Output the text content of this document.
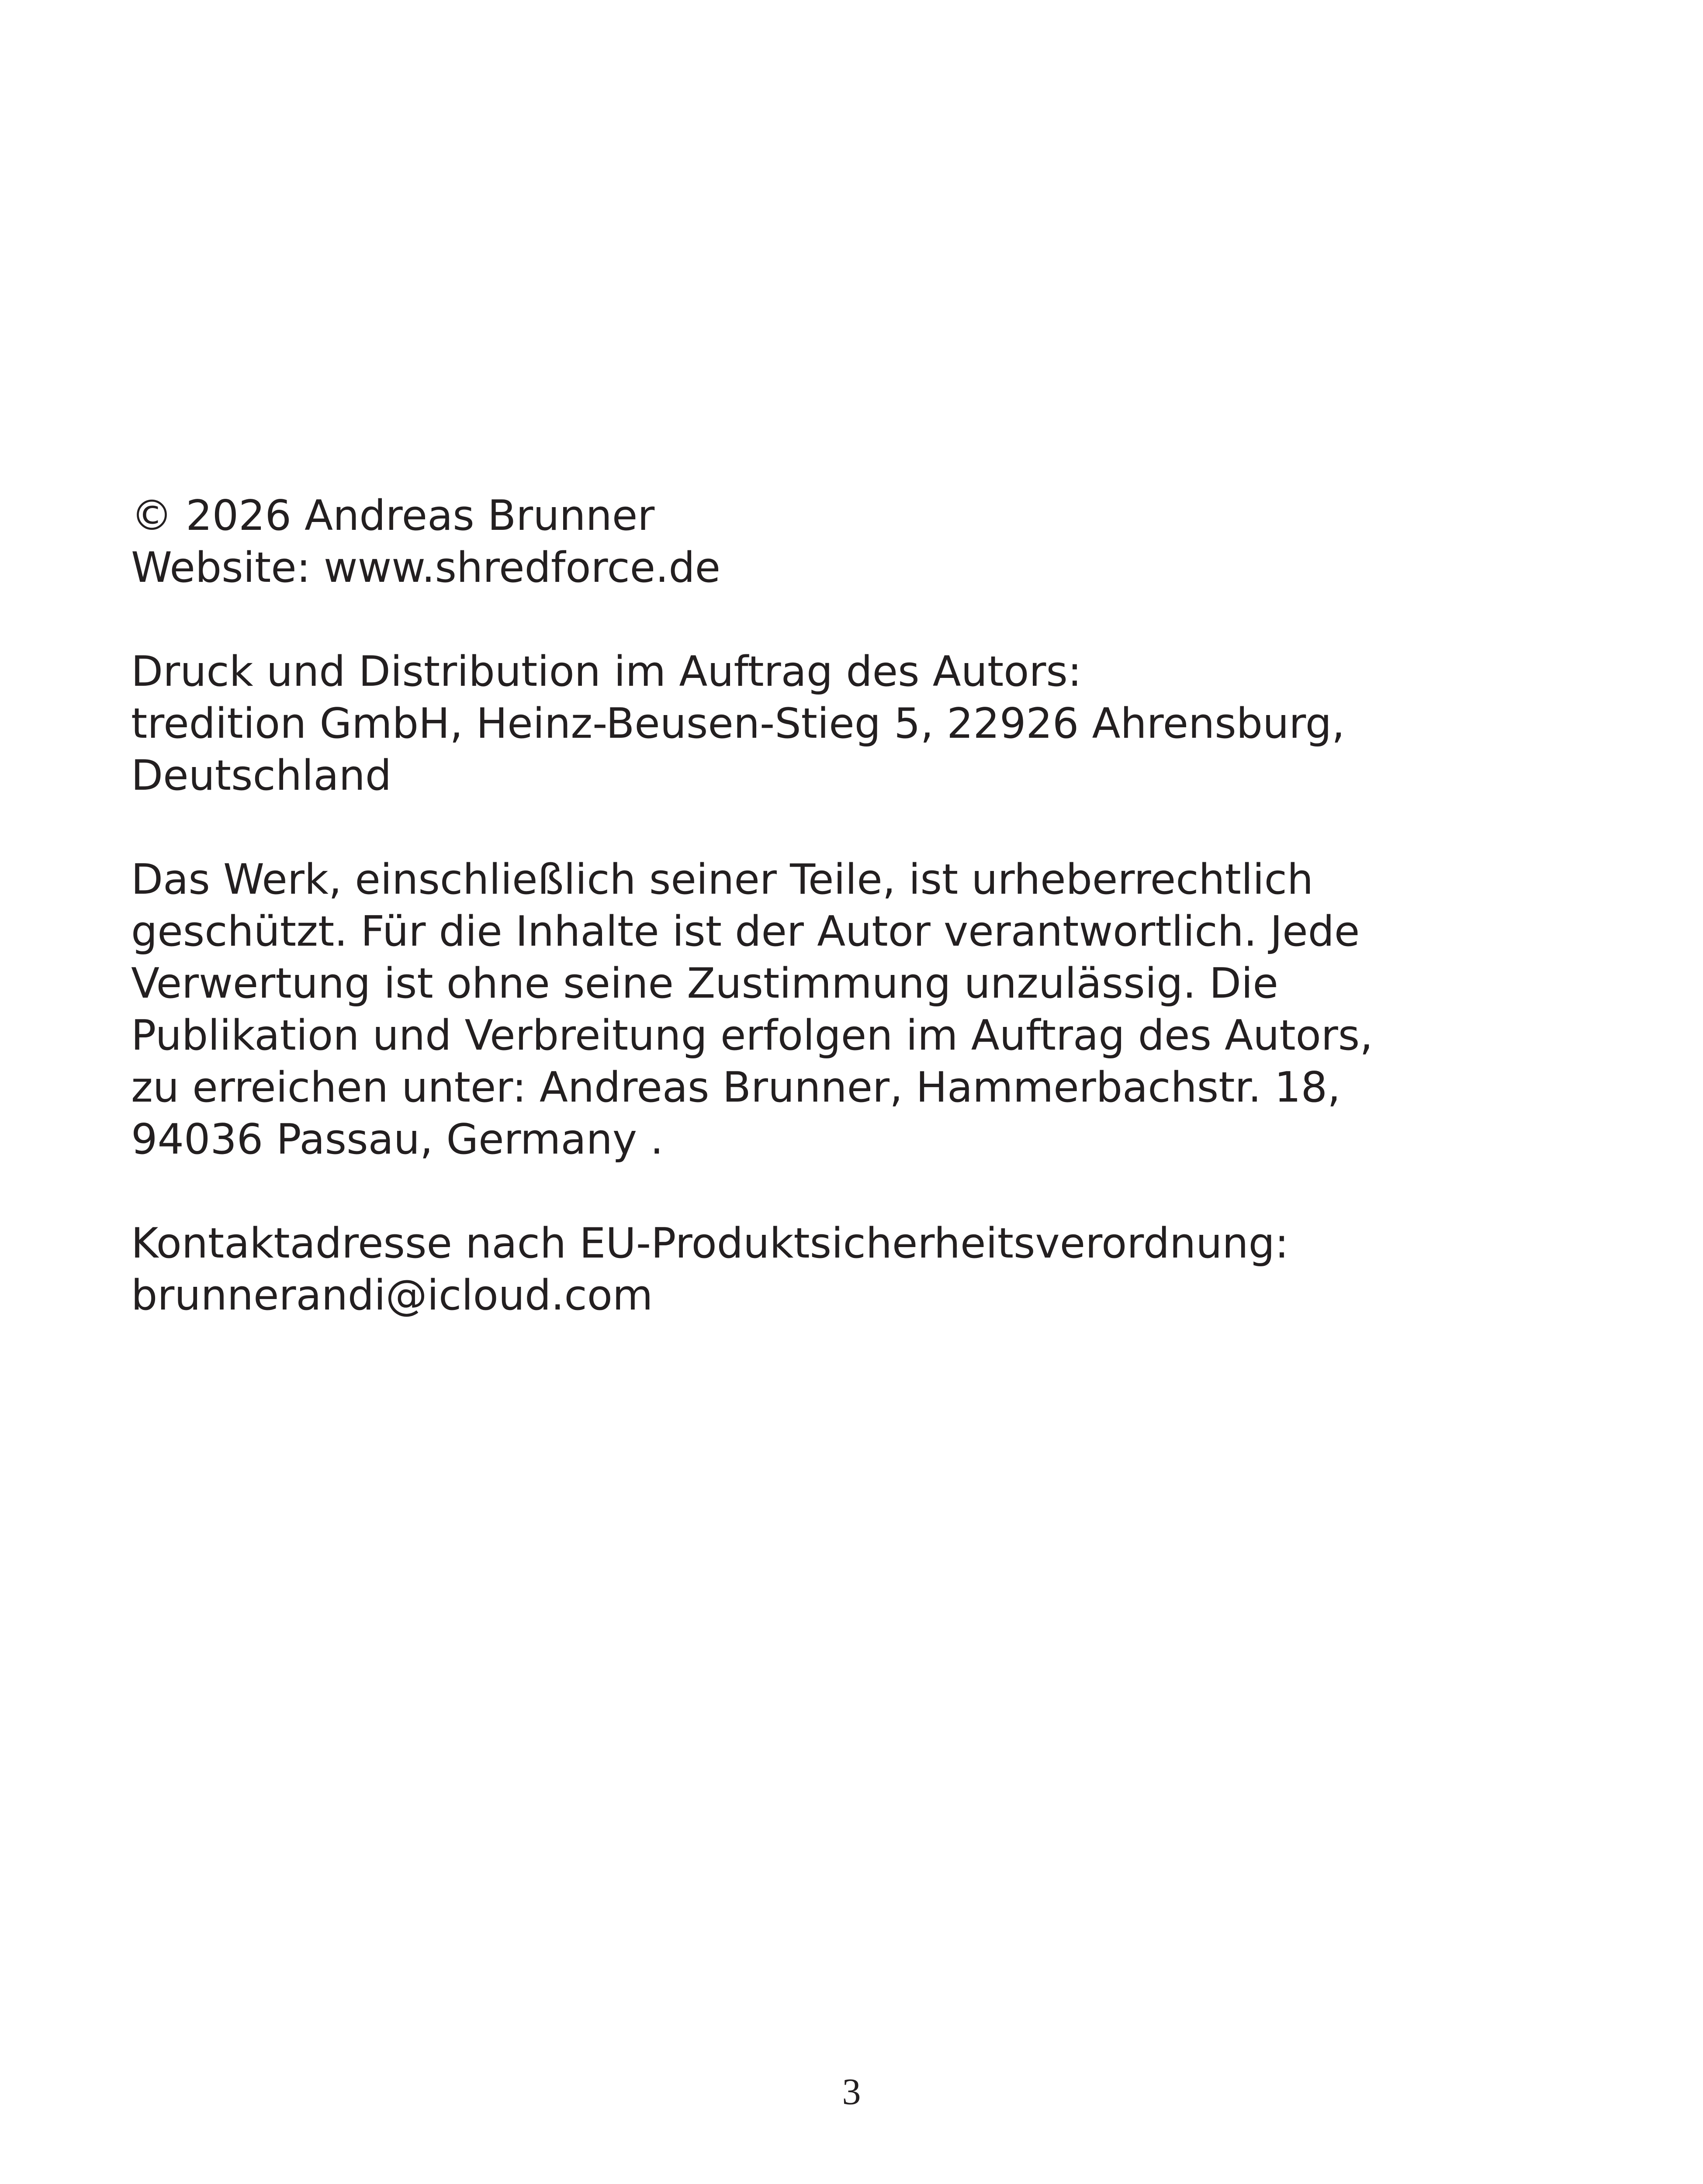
© 2026 Andreas Brunner
Website: www.shredforce.de

Druck und Distribution im Auftrag des Autors:
tredition GmbH, Heinz-Beusen-Stieg 5, 22926 Ahrensburg,
Deutschland

Das Werk, einschließlich seiner Teile, ist urheberrechtlich
geschützt. Für die Inhalte ist der Autor verantwortlich. Jede
Verwertung ist ohne seine Zustimmung unzulässig. Die
Publikation und Verbreitung erfolgen im Auftrag des Autors,
zu erreichen unter: Andreas Brunner, Hammerbachstr. 18,
94036 Passau, Germany .

Kontaktadresse nach EU-Produktsicherheitsverordnung:
brunnerandi@icloud.com

3
